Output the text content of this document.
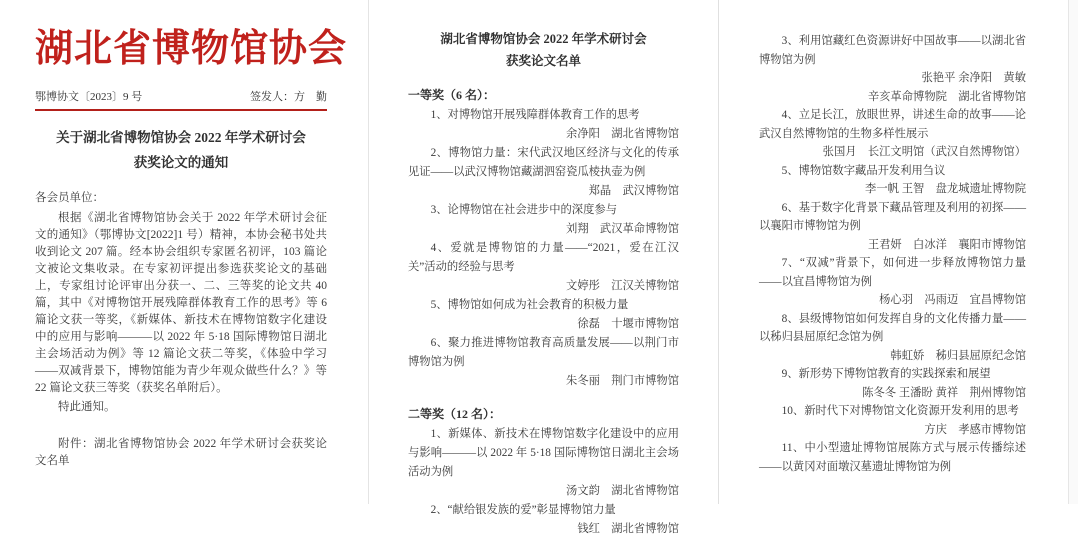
湖北省博物馆协会
鄂博协文〔2023〕9 号	签发人：方　勤
关于湖北省博物馆协会 2022 年学术研讨会
获奖论文的通知
各会员单位：
根据《湖北省博物馆协会关于 2022 年学术研讨会征文的通知》（鄂博协文[2022]1 号）精神，本协会秘书处共收到论文 207 篇。经本协会组织专家匿名初评，103 篇论文被论文集收录。在专家初评提出参选获奖论文的基础上，专家组讨论评审出分获一、二、三等奖的论文共 40 篇，其中《对博物馆开展残障群体教育工作的思考》等 6 篇论文获一等奖，《新媒体、新技术在博物馆数字化建设中的应用与影响———以 2022 年 5·18 国际博物馆日湖北主会场活动为例》等 12 篇论文获二等奖，《体验中学习——双减背景下，博物馆能为青少年观众做些什么？》等 22 篇论文获三等奖（获奖名单附后）。
特此通知。
附件：湖北省博物馆协会 2022 年学术研讨会获奖论文名单
湖北省博物馆协会 2022 年学术研讨会
获奖论文名单
一等奖（6 名）：
1、对博物馆开展残障群体教育工作的思考
余净阳　湖北省博物馆
2、博物馆力量：宋代武汉地区经济与文化的传承见证——以武汉博物馆藏湖泗窑瓷瓜棱执壶为例
郑晶　武汉博物馆
3、论博物馆在社会进步中的深度参与
刘翔　武汉革命博物馆
4、爱就是博物馆的力量——“2021，爱在江汉关”活动的经验与思考
文婷彤　江汉关博物馆
5、博物馆如何成为社会教育的积极力量
徐磊　十堰市博物馆
6、聚力推进博物馆教育高质量发展——以荆门市博物馆为例
朱冬丽　荆门市博物馆
二等奖（12 名）：
1、新媒体、新技术在博物馆数字化建设中的应用与影响———以 2022 年 5·18 国际博物馆日湖北主会场活动为例
汤文韵　湖北省博物馆
2、“献给银发族的爱”彰显博物馆力量
钱红　湖北省博物馆
3、利用馆藏红色资源讲好中国故事——以湖北省博物馆为例
张艳平 余净阳　黄敏
辛亥革命博物院　湖北省博物馆
4、立足长江，放眼世界，讲述生命的故事——论武汉自然博物馆的生物多样性展示
张国月　长江文明馆（武汉自然博物馆）
5、博物馆数字藏品开发利用刍议
李一帆 王智　盘龙城遗址博物院
6、基于数字化背景下藏品管理及利用的初探——以襄阳市博物馆为例
王君妍　白冰洋　襄阳市博物馆
7、“双减”背景下，如何进一步释放博物馆力量——以宜昌博物馆为例
杨心羽　冯雨迈　宜昌博物馆
8、县级博物馆如何发挥自身的文化传播力量——以秭归县屈原纪念馆为例
韩虹娇　秭归县屈原纪念馆
9、新形势下博物馆教育的实践探索和展望
陈冬冬 王潘盼 黄祥　荆州博物馆
10、新时代下对博物馆文化资源开发利用的思考
方庆　孝感市博物馆
11、中小型遗址博物馆展陈方式与展示传播综述——以黄冈对面墩汉墓遗址博物馆为例
